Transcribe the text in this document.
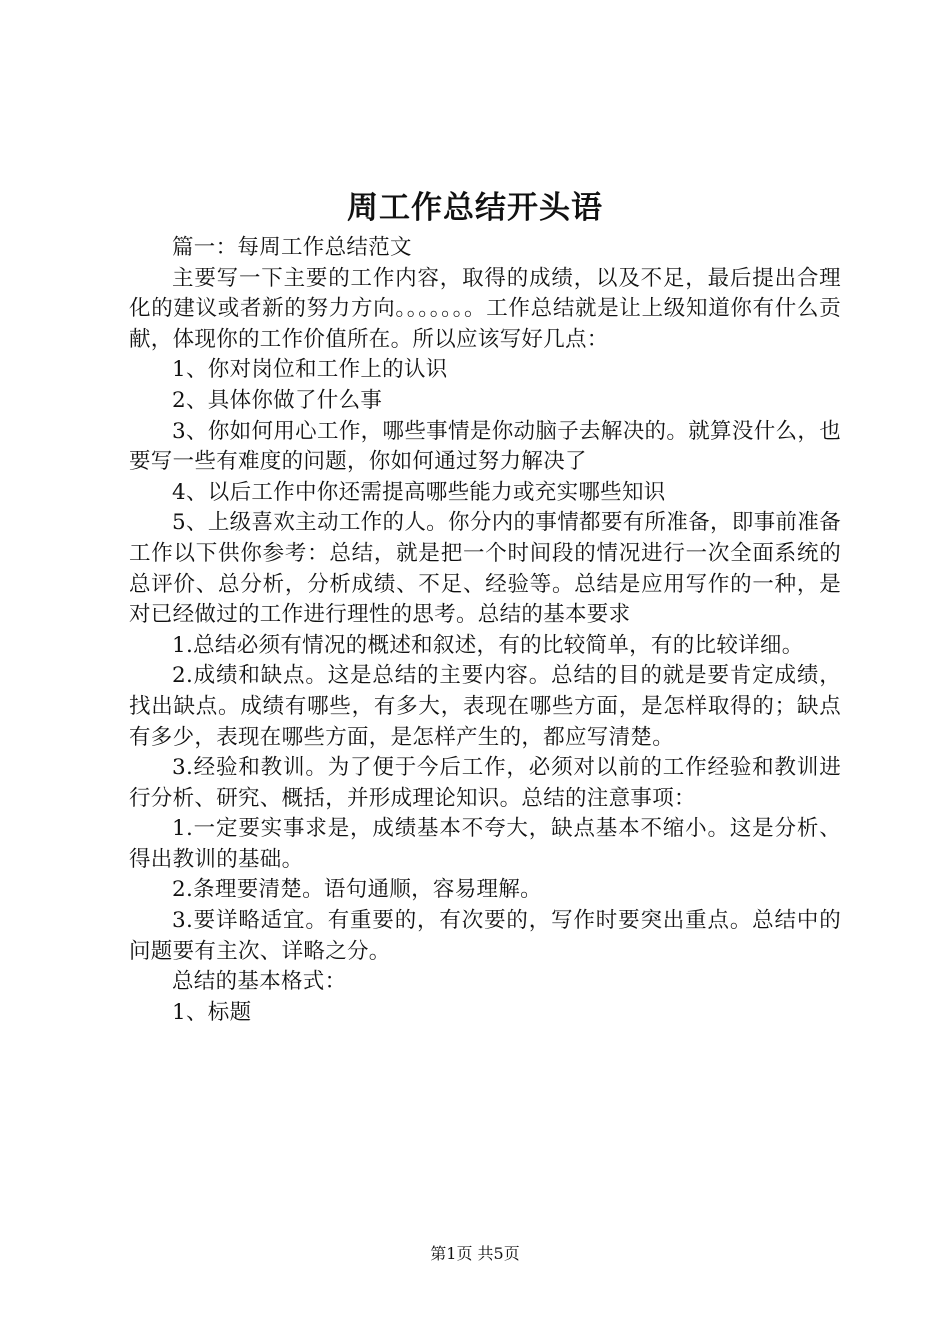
周工作总结开头语

篇一：每周工作总结范文

主要写一下主要的工作内容，取得的成绩，以及不足，最后提出合理化的建议或者新的努力方向。。。。。。。工作总结就是让上级知道你有什么贡献，体现你的工作价值所在。所以应该写好几点：

1、你对岗位和工作上的认识

2、具体你做了什么事

3、你如何用心工作，哪些事情是你动脑子去解决的。就算没什么，也要写一些有难度的问题，你如何通过努力解决了

4、以后工作中你还需提高哪些能力或充实哪些知识

5、上级喜欢主动工作的人。你分内的事情都要有所准备，即事前准备工作以下供你参考：总结，就是把一个时间段的情况进行一次全面系统的总评价、总分析，分析成绩、不足、经验等。总结是应用写作的一种，是对已经做过的工作进行理性的思考。总结的基本要求

1.总结必须有情况的概述和叙述，有的比较简单，有的比较详细。

2.成绩和缺点。这是总结的主要内容。总结的目的就是要肯定成绩，找出缺点。成绩有哪些，有多大，表现在哪些方面，是怎样取得的；缺点有多少，表现在哪些方面，是怎样产生的，都应写清楚。

3.经验和教训。为了便于今后工作，必须对以前的工作经验和教训进行分析、研究、概括，并形成理论知识。总结的注意事项：

1.一定要实事求是，成绩基本不夸大，缺点基本不缩小。这是分析、得出教训的基础。

2.条理要清楚。语句通顺，容易理解。

3.要详略适宜。有重要的，有次要的，写作时要突出重点。总结中的问题要有主次、详略之分。

总结的基本格式：

1、标题

第1页 共5页
